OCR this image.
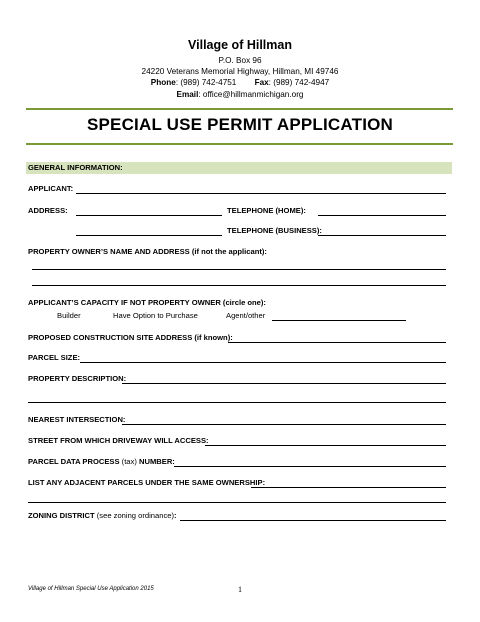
Village of Hillman
P.O. Box 96
24220 Veterans Memorial Highway, Hillman, MI 49746
Phone: (989) 742-4751 Fax: (989) 742-4947
Email: office@hillmanmichigan.org
SPECIAL USE PERMIT APPLICATION
GENERAL INFORMATION:
APPLICANT:
ADDRESS:	TELEPHONE (HOME):
TELEPHONE (BUSINESS):
PROPERTY OWNER’S NAME AND ADDRESS (if not the applicant):
APPLICANT’S CAPACITY IF NOT PROPERTY OWNER (circle one):
Builder	Have Option to Purchase	Agent/other
PROPOSED CONSTRUCTION SITE ADDRESS (if known):
PARCEL SIZE:
PROPERTY DESCRIPTION:
NEAREST INTERSECTION:
STREET FROM WHICH DRIVEWAY WILL ACCESS:
PARCEL DATA PROCESS (tax) NUMBER:
LIST ANY ADJACENT PARCELS UNDER THE SAME OWNERSHIP:
ZONING DISTRICT (see zoning ordinance):
Village of Hillman Special Use Application 2015	1
